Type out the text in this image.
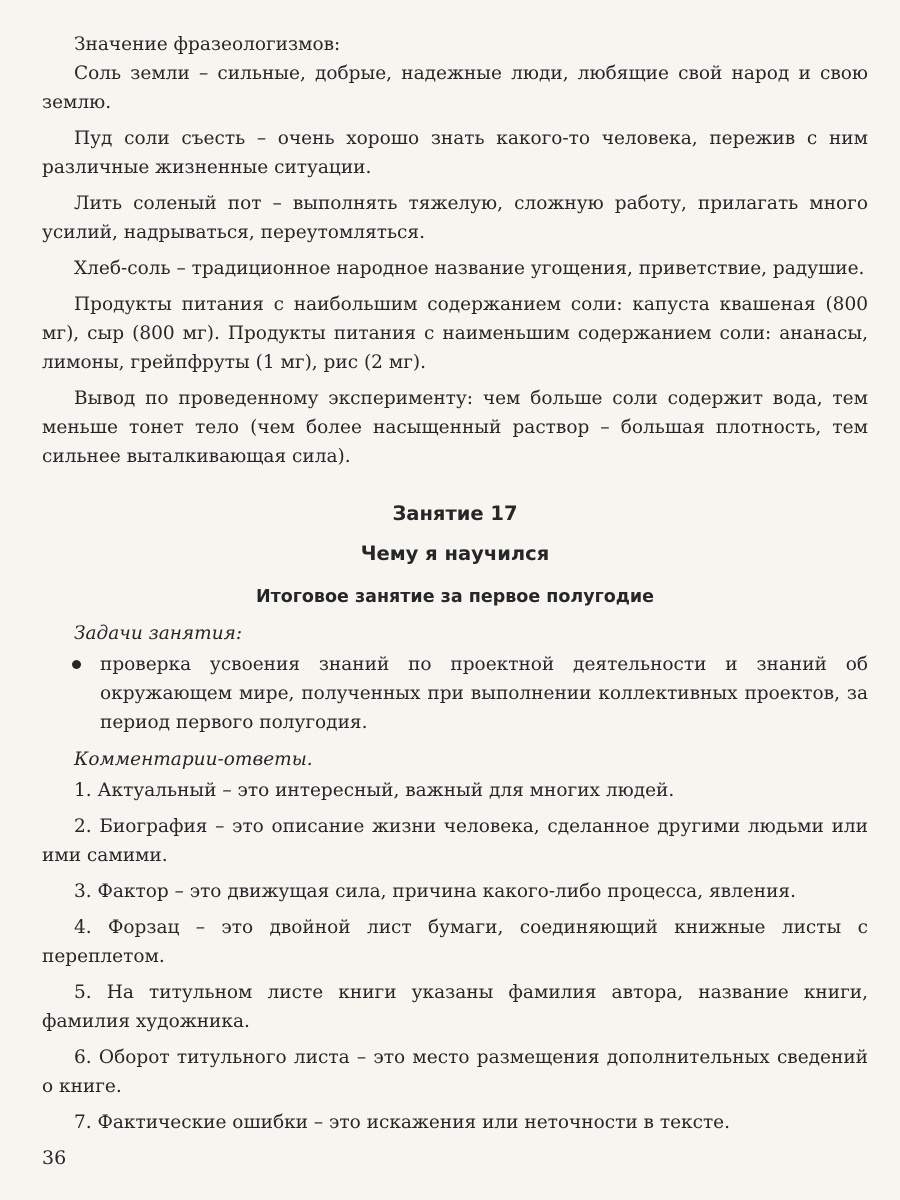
Значение фразеологизмов:

Соль земли – сильные, добрые, надежные люди, любящие свой народ и свою землю.

Пуд соли съесть – очень хорошо знать какого-то человека, пережив с ним различные жизненные ситуации.

Лить соленый пот – выполнять тяжелую, сложную работу, прилагать много усилий, надрываться, переутомляться.

Хлеб-соль – традиционное народное название угощения, приветствие, радушие.

Продукты питания с наибольшим содержанием соли: капуста квашеная (800 мг), сыр (800 мг). Продукты питания с наименьшим содержанием соли: ананасы, лимоны, грейпфруты (1 мг), рис (2 мг).

Вывод по проведенному эксперименту: чем больше соли содержит вода, тем меньше тонет тело (чем более насыщенный раствор – большая плотность, тем сильнее выталкивающая сила).

Занятие 17
Чему я научился
Итоговое занятие за первое полугодие
Задачи занятия:
проверка усвоения знаний по проектной деятельности и знаний об окружающем мире, полученных при выполнении коллективных проектов, за период первого полугодия.
Комментарии-ответы.

1. Актуальный – это интересный, важный для многих людей.

2. Биография – это описание жизни человека, сделанное другими людьми или ими самими.

3. Фактор – это движущая сила, причина какого-либо процесса, явления.

4. Форзац – это двойной лист бумаги, соединяющий книжные листы с переплетом.

5. На титульном листе книги указаны фамилия автора, название книги, фамилия художника.

6. Оборот титульного листа – это место размещения дополнительных сведений о книге.

7. Фактические ошибки – это искажения или неточности в тексте.

36
